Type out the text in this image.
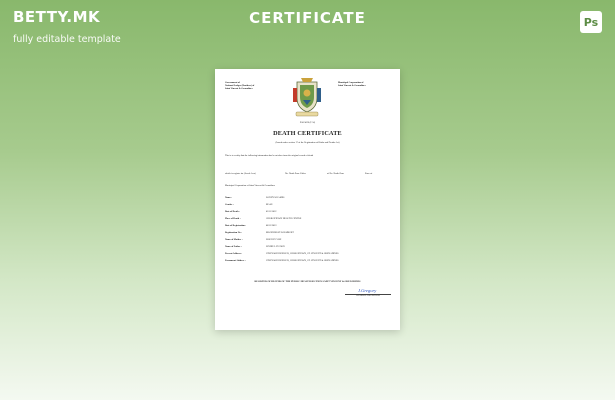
BETTY.MK
fully editable template
CERTIFICATE	Ps
Government of
National Lodger (Brothers) of
Saint Vincent & Grenadines
Municipal Corporation of
Saint Vincent & Grenadines
PARADIS (L'AI)
DEATH CERTIFICATE
(Issued under section 17 of the Registration of Births and Deaths Act)
This is to certify that the following information has been taken from the original record of death
which is register for (Local Area)	No. North Zone Office	of No. North Zone	Zone of
Municipal Corporation of Saint Vincent & Grenadines
Name :	LONNY M JAMES
Gender :	MALE
Date of Death :	03/11/2022
Place of Death :	GEORGETOWN HEALTH CENTRE
Date of Registration :	08/12/2022
Registration No :	MOGDURE-IT-LOLMKGRT
Name of Mother :	LISEH LY VOH
Name of Father :	LINNIE L D'COON
Present Address :	VINEYARD HIGHWAY, GEORGETOWN, ST. VINCENT & GRENADINES
Permanent Address :	VINEYARD HIGHWAY, GEORGETOWN, ST. VINCENT & GRENADINES
REGISTER OF DEATHS OF THE PUBLIC HEALTH SECTION SAINT VINCENT & GRENADINES
J.Gregory
GENERAL REGISTRAR
